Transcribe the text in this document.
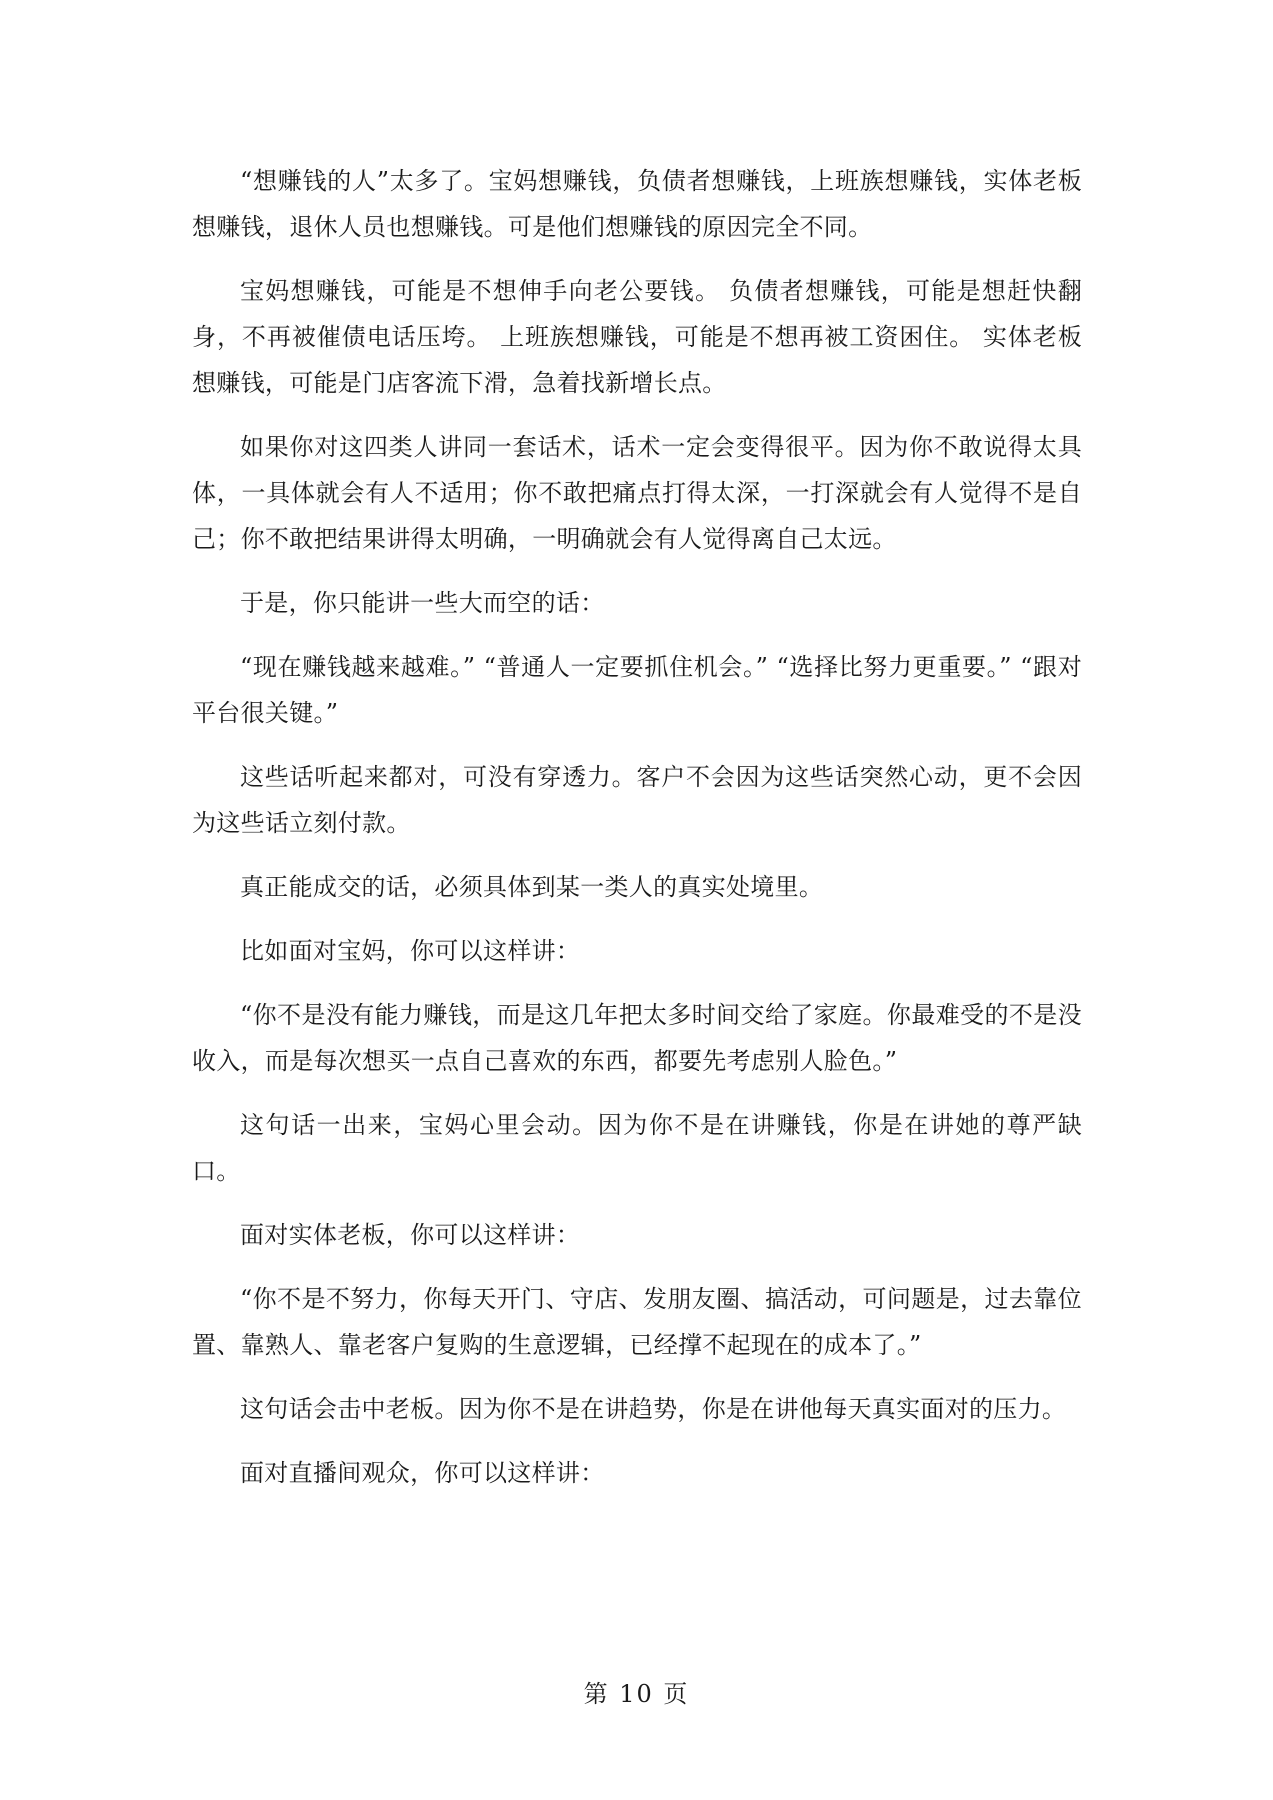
“想赚钱的人”太多了。宝妈想赚钱，负债者想赚钱，上班族想赚钱，实体老板想赚钱，退休人员也想赚钱。可是他们想赚钱的原因完全不同。

宝妈想赚钱，可能是不想伸手向老公要钱。 负债者想赚钱，可能是想赶快翻身，不再被催债电话压垮。 上班族想赚钱，可能是不想再被工资困住。 实体老板想赚钱，可能是门店客流下滑，急着找新增长点。

如果你对这四类人讲同一套话术，话术一定会变得很平。因为你不敢说得太具体，一具体就会有人不适用；你不敢把痛点打得太深，一打深就会有人觉得不是自己；你不敢把结果讲得太明确，一明确就会有人觉得离自己太远。

于是，你只能讲一些大而空的话：

“现在赚钱越来越难。” “普通人一定要抓住机会。” “选择比努力更重要。” “跟对平台很关键。”

这些话听起来都对，可没有穿透力。客户不会因为这些话突然心动，更不会因为这些话立刻付款。

真正能成交的话，必须具体到某一类人的真实处境里。

比如面对宝妈，你可以这样讲：

“你不是没有能力赚钱，而是这几年把太多时间交给了家庭。你最难受的不是没收入，而是每次想买一点自己喜欢的东西，都要先考虑别人脸色。”

这句话一出来，宝妈心里会动。因为你不是在讲赚钱，你是在讲她的尊严缺口。

面对实体老板，你可以这样讲：

“你不是不努力，你每天开门、守店、发朋友圈、搞活动，可问题是，过去靠位置、靠熟人、靠老客户复购的生意逻辑，已经撑不起现在的成本了。”

这句话会击中老板。因为你不是在讲趋势，你是在讲他每天真实面对的压力。

面对直播间观众，你可以这样讲：

第 10 页
